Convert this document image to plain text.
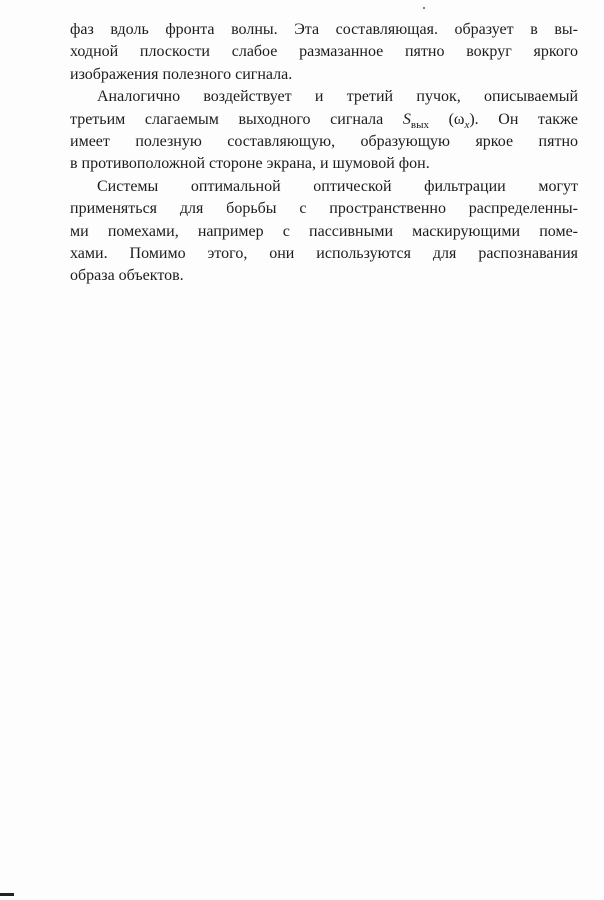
фаз вдоль фронта волны. Эта составляющая. образует в вы-
ходной плоскости слабое размазанное пятно вокруг яркого
изображения полезного сигнала.
Аналогично воздействует и третий пучок, описываемый
третьим слагаемым выходного сигнала $S_{вых}$ $(\omega_x)$. Он также
имеет полезную составляющую, образующую яркое пятно
в противоположной стороне экрана, и шумовой фон.
Системы оптимальной оптической фильтрации могут
применяться для борьбы с пространственно распределенны-
ми помехами, например с пассивными маскирующими поме-
хами. Помимо этого, они используются для распознавания
образа объектов.
